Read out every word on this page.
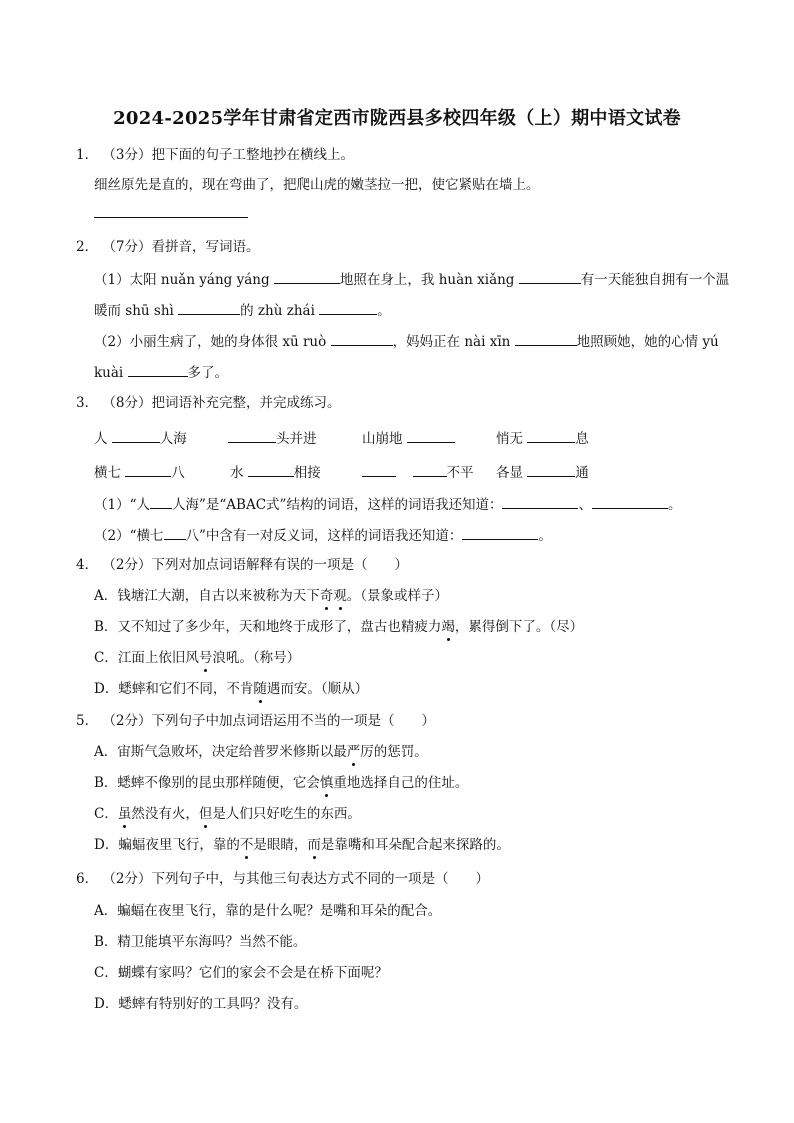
2024-2025学年甘肃省定西市陇西县多校四年级（上）期中语文试卷
1． （3分）把下面的句子工整地抄在横线上。
细丝原先是直的，现在弯曲了，把爬山虎的嫩茎拉一把，使它紧贴在墙上。
2． （7分）看拼音，写词语。
（1）太阳 nuǎn yáng yáng	地照在身上，我 huàn xiǎng	有一天能独自拥有一个温
暖而 shū shì	的 zhù zhái	。
（2）小丽生病了，她的身体很 xū ruò	，妈妈正在 nài xīn	地照顾她，她的心情 yú
kuài	多了。
3． （8分）把词语补充完整，并完成练习。
人	人海	头并进	山崩地	悄无	息
横七	八	水	相接	不平 各显	通
（1）“人 人海”是“ABAC式”结构的词语，这样的词语我还知道：	、	。
（2）“横七 八”中含有一对反义词，这样的词语我还知道：	。
4． （2分）下列对加点词语解释有误的一项是（　　）
A．钱塘江大潮，自古以来被称为天下奇观。（景象或样子）
B．又不知过了多少年，天和地终于成形了，盘古也精疲力竭，累得倒下了。（尽）
C．江面上依旧风号浪吼。（称号）
D．蟋蟀和它们不同，不肯随遇而安。（顺从）
5． （2分）下列句子中加点词语运用不当的一项是（　　）
A．宙斯气急败坏，决定给普罗米修斯以最严厉的惩罚。
B．蟋蟀不像别的昆虫那样随便，它会慎重地选择自己的住址。
C．虽然没有火，但是人们只好吃生的东西。
D．蝙蝠夜里飞行，靠的不是眼睛，而是靠嘴和耳朵配合起来探路的。
6． （2分）下列句子中，与其他三句表达方式不同的一项是（　　）
A．蝙蝠在夜里飞行，靠的是什么呢？是嘴和耳朵的配合。
B．精卫能填平东海吗？当然不能。
C．蝴蝶有家吗？它们的家会不会是在桥下面呢？
D．蟋蟀有特别好的工具吗？没有。
